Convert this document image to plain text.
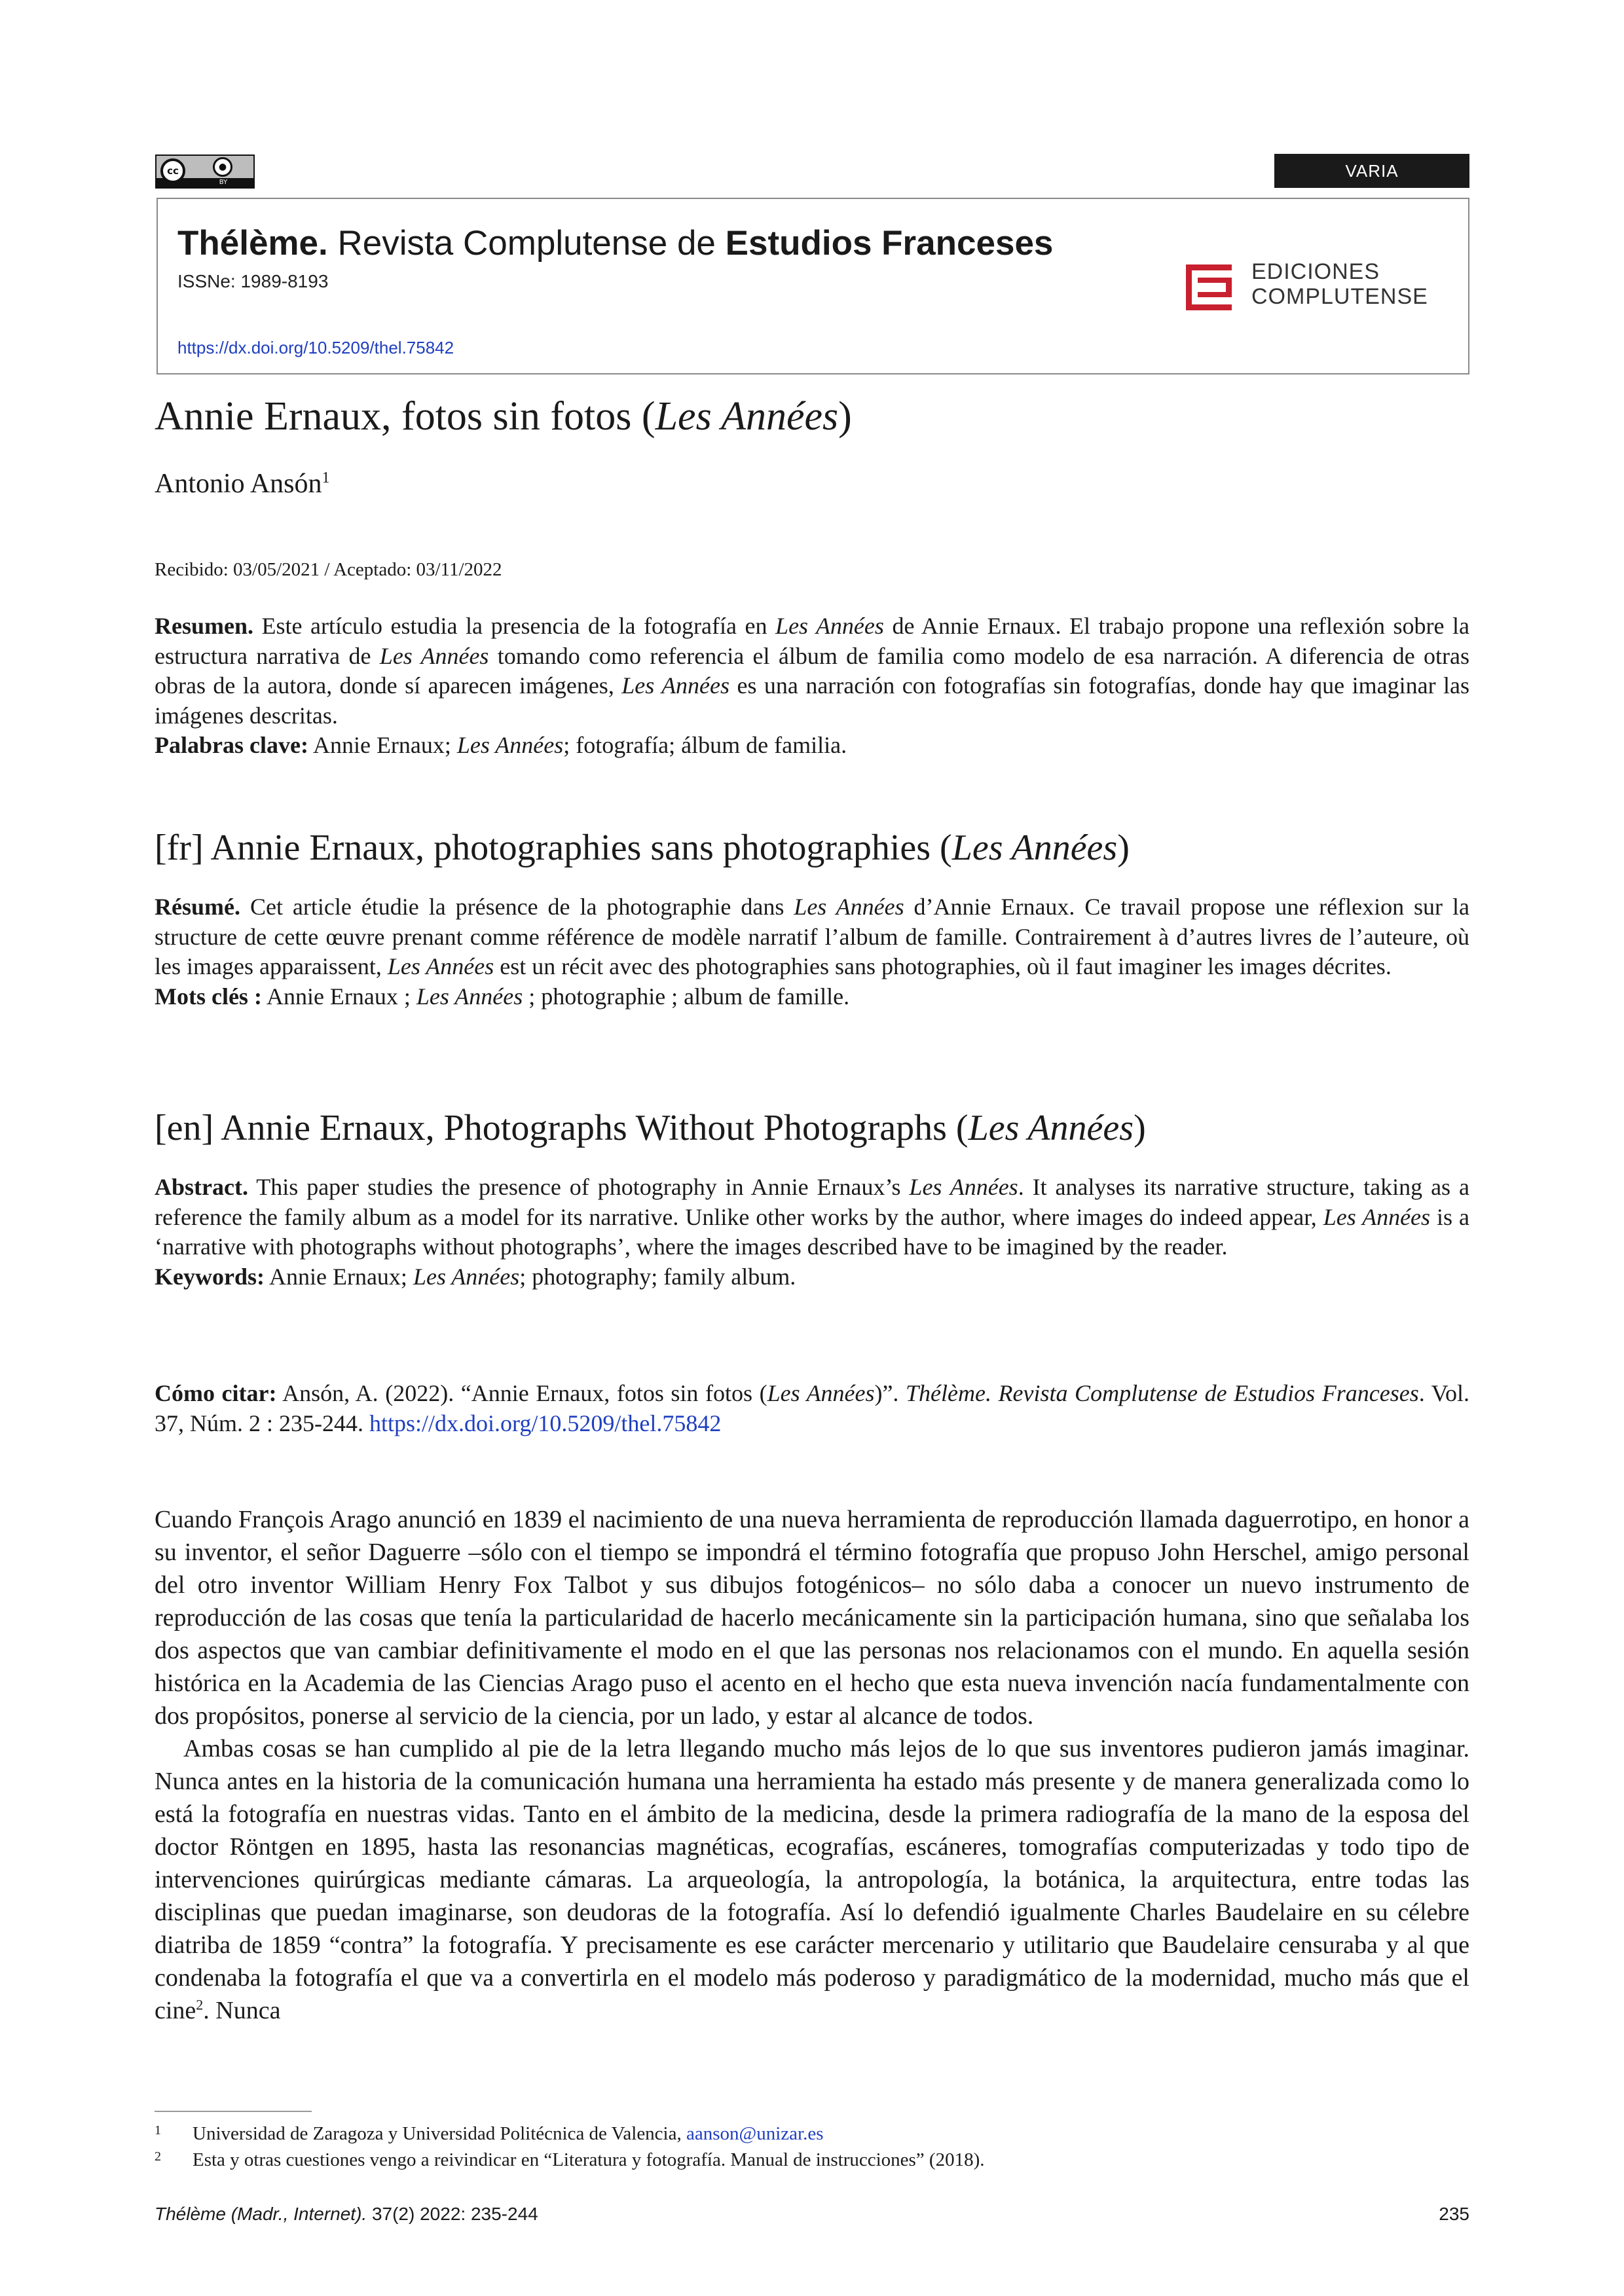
cc	●
BY
VARIA
Thélème. Revista Complutense de Estudios Franceses
ISSNe: 1989-8193
https://dx.doi.org/10.5209/thel.75842
EDICIONES
COMPLUTENSE
Annie Ernaux, fotos sin fotos (Les Années)
Antonio Ansón$^1$
Recibido: 03/05/2021 / Aceptado: 03/11/2022
Resumen. Este artículo estudia la presencia de la fotografía en Les Années de Annie Ernaux. El trabajo propone una reflexión sobre la estructura narrativa de Les Années tomando como referencia el álbum de familia como modelo de esa narración. A diferencia de otras obras de la autora, donde sí aparecen imágenes, Les Années es una narración con fotografías sin fotografías, donde hay que imaginar las imágenes descritas.
Palabras clave: Annie Ernaux; Les Années; fotografía; álbum de familia.
[fr] Annie Ernaux, photographies sans photographies (Les Années)
Résumé. Cet article étudie la présence de la photographie dans Les Années d’Annie Ernaux. Ce travail propose une réflexion sur la structure de cette œuvre prenant comme référence de modèle narratif l’album de famille. Contrairement à d’autres livres de l’auteure, où les images apparaissent, Les Années est un récit avec des photographies sans photographies, où il faut imaginer les images décrites.
Mots clés : Annie Ernaux ; Les Années ; photographie ; album de famille.
[en] Annie Ernaux, Photographs Without Photographs (Les Années)
Abstract. This paper studies the presence of photography in Annie Ernaux’s Les Années. It analyses its narrative structure, taking as a reference the family album as a model for its narrative. Unlike other works by the author, where images do indeed appear, Les Années is a ‘narrative with photographs without photographs’, where the images described have to be imagined by the reader.
Keywords: Annie Ernaux; Les Années; photography; family album.
Cómo citar: Ansón, A. (2022). “Annie Ernaux, fotos sin fotos (Les Années)”. Thélème. Revista Complutense de Estudios Franceses. Vol. 37, Núm. 2 : 235-244. https://dx.doi.org/10.5209/thel.75842

Cuando François Arago anunció en 1839 el nacimiento de una nueva herramienta de reproducción llamada daguerrotipo, en honor a su inventor, el señor Daguerre –sólo con el tiempo se impondrá el término fotografía que propuso John Herschel, amigo personal del otro inventor William Henry Fox Talbot y sus dibujos fotogénicos– no sólo daba a conocer un nuevo instrumento de reproducción de las cosas que tenía la particularidad de hacerlo mecánicamente sin la participación humana, sino que señalaba los dos aspectos que van cambiar definitivamente el modo en el que las personas nos relacionamos con el mundo. En aquella sesión histórica en la Academia de las Ciencias Arago puso el acento en el hecho que esta nueva invención nacía fundamentalmente con dos propósitos, ponerse al servicio de la ciencia, por un lado, y estar al alcance de todos.

Ambas cosas se han cumplido al pie de la letra llegando mucho más lejos de lo que sus inventores pudieron jamás imaginar. Nunca antes en la historia de la comunicación humana una herramienta ha estado más presente y de manera generalizada como lo está la fotografía en nuestras vidas. Tanto en el ámbito de la medicina, desde la primera radiografía de la mano de la esposa del doctor Röntgen en 1895, hasta las resonancias magnéticas, ecografías, escáneres, tomografías computerizadas y todo tipo de intervenciones quirúrgicas mediante cámaras. La arqueología, la antropología, la botánica, la arquitectura, entre todas las disciplinas que puedan imaginarse, son deudoras de la fotografía. Así lo defendió igualmente Charles Baudelaire en su célebre diatriba de 1859 “contra” la fotografía. Y precisamente es ese carácter mercenario y utilitario que Baudelaire censuraba y al que condenaba la fotografía el que va a convertirla en el modelo más poderoso y paradigmático de la modernidad, mucho más que el cine$^2$. Nunca

1 Universidad de Zaragoza y Universidad Politécnica de Valencia, aanson@unizar.es
2 Esta y otras cuestiones vengo a reivindicar en “Literatura y fotografía. Manual de instrucciones” (2018).
Thélème (Madr., Internet). 37(2) 2022: 235-244	235
